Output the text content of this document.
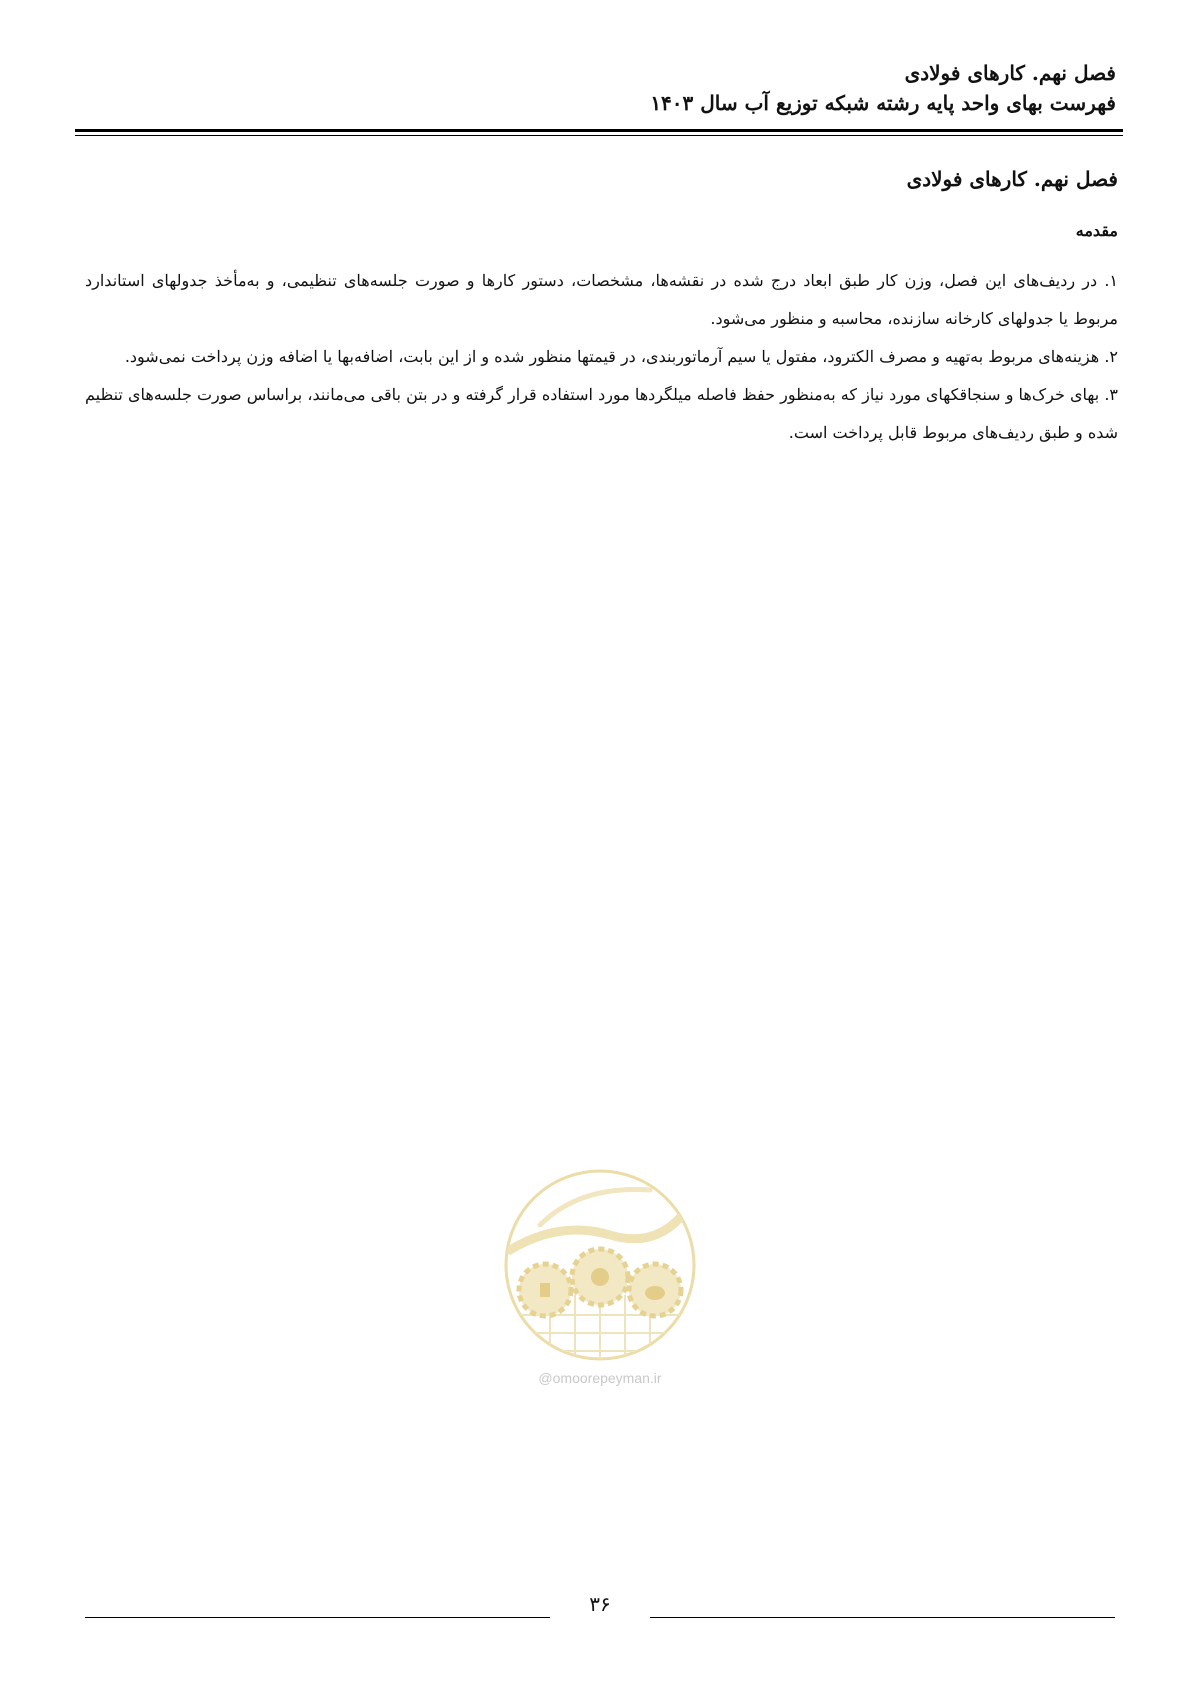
فصل نهم. کارهای فولادی
فهرست بهای واحد پایه رشته شبکه توزیع آب سال ۱۴۰۳
فصل نهم. کارهای فولادی
مقدمه

۱. در ردیف‌های این فصل، وزن کار طبق ابعاد درج شده در نقشه‌ها، مشخصات، دستور کارها و صورت جلسه‌های تنظیمی، و به‌مأخذ جدولهای استاندارد مربوط یا جدولهای کارخانه سازنده، محاسبه و منظور می‌شود.

۲. هزینه‌های مربوط به‌تهیه و مصرف الکترود، مفتول یا سیم آرماتوربندی، در قیمتها منظور شده و از این بابت، اضافه‌بها یا اضافه وزن پرداخت نمی‌شود.

۳. بهای خرک‌ها و سنجاقکهای مورد نیاز که به‌منظور حفظ فاصله میلگردها مورد استفاده قرار گرفته و در بتن باقی می‌مانند، براساس صورت جلسه‌های تنظیم شده و طبق ردیف‌های مربوط قابل پرداخت است.

@omoorepeyman.ir
۳۶
